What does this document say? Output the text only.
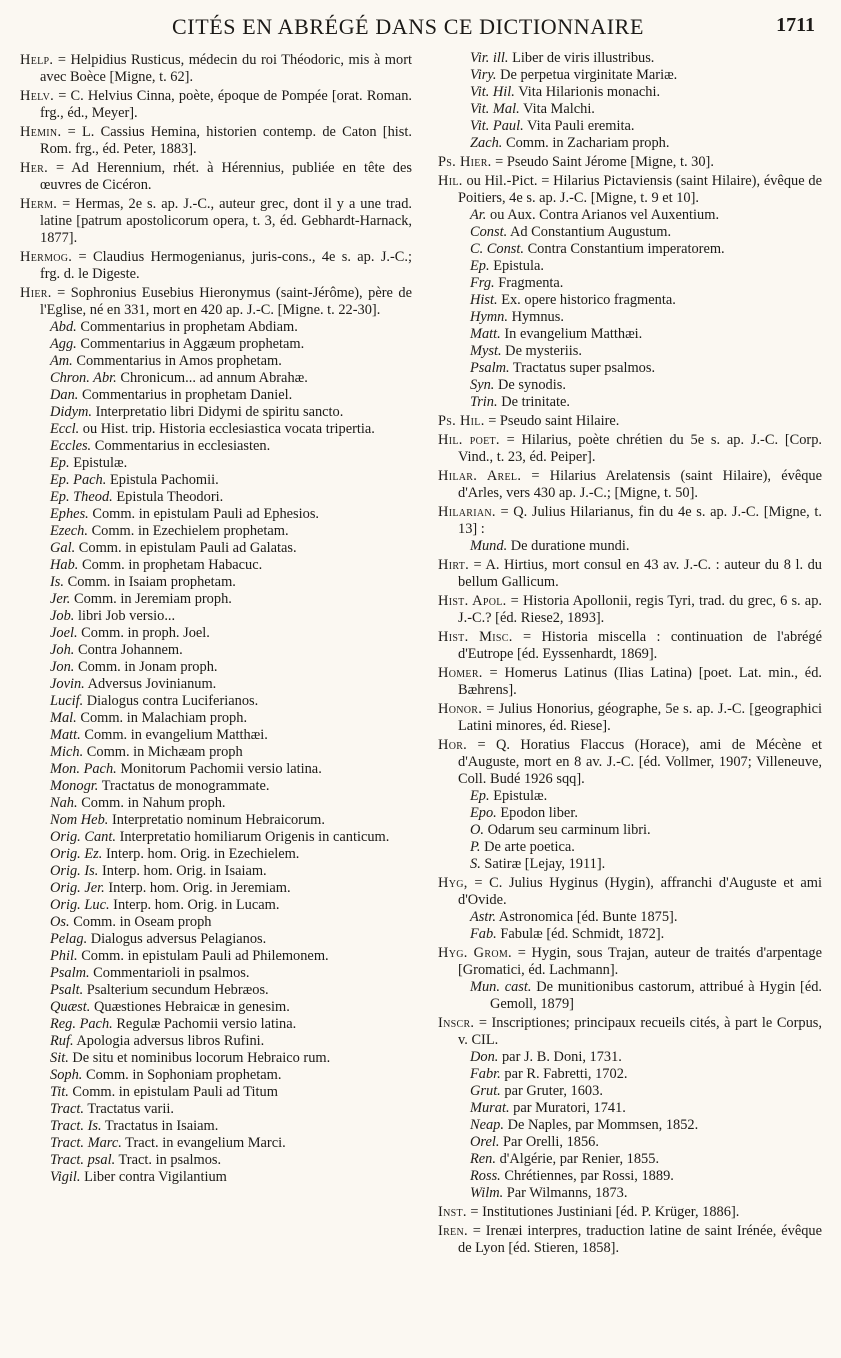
CITÉS EN ABRÉGÉ DANS CE DICTIONNAIRE	1711

Help. = Helpidius Rusticus, médecin du roi Théodoric, mis à mort avec Boèce [Migne, t. 62].

Helv. = C. Helvius Cinna, poète, époque de Pompée [orat. Roman. frg., éd., Meyer].

Hemin. = L. Cassius Hemina, historien contemp. de Caton [hist. Rom. frg., éd. Peter, 1883].

Her. = Ad Herennium, rhét. à Hérennius, publiée en tête des œuvres de Cicéron.

Herm. = Hermas, 2e s. ap. J.-C., auteur grec, dont il y a une trad. latine [patrum apostolicorum opera, t. 3, éd. Gebhardt-Harnack, 1877].

Hermog. = Claudius Hermogenianus, juris-cons., 4e s. ap. J.-C.; frg. d. le Digeste.

Hier. = Sophronius Eusebius Hieronymus (saint-Jérôme), père de l'Eglise, né en 331, mort en 420 ap. J.-C. [Migne. t. 22-30].

Abd. Commentarius in prophetam Abdiam.

Agg. Commentarius in Aggæum prophetam.

Am. Commentarius in Amos prophetam.

Chron. Abr. Chronicum... ad annum Abrahæ.

Dan. Commentarius in prophetam Daniel.

Didym. Interpretatio libri Didymi de spiritu sancto.

Eccl. ou Hist. trip. Historia ecclesiastica vocata tripertia.

Eccles. Commentarius in ecclesiasten.

Ep. Epistulæ.

Ep. Pach. Epistula Pachomii.

Ep. Theod. Epistula Theodori.

Ephes. Comm. in epistulam Pauli ad Ephesios.

Ezech. Comm. in Ezechielem prophetam.

Gal. Comm. in epistulam Pauli ad Galatas.

Hab. Comm. in prophetam Habacuc.

Is. Comm. in Isaiam prophetam.

Jer. Comm. in Jeremiam proph.

Job. libri Job versio...

Joel. Comm. in proph. Joel.

Joh. Contra Johannem.

Jon. Comm. in Jonam proph.

Jovin. Adversus Jovinianum.

Lucif. Dialogus contra Luciferianos.

Mal. Comm. in Malachiam proph.

Matt. Comm. in evangelium Matthæi.

Mich. Comm. in Michæam proph

Mon. Pach. Monitorum Pachomii versio latina.

Monogr. Tractatus de monogrammate.

Nah. Comm. in Nahum proph.

Nom Heb. Interpretatio nominum Hebraicorum.

Orig. Cant. Interpretatio homiliarum Origenis in canticum.

Orig. Ez. Interp. hom. Orig. in Ezechielem.

Orig. Is. Interp. hom. Orig. in Isaiam.

Orig. Jer. Interp. hom. Orig. in Jeremiam.

Orig. Luc. Interp. hom. Orig. in Lucam.

Os. Comm. in Oseam proph

Pelag. Dialogus adversus Pelagianos.

Phil. Comm. in epistulam Pauli ad Philemonem.

Psalm. Commentarioli in psalmos.

Psalt. Psalterium secundum Hebræos.

Quæst. Quæstiones Hebraicæ in genesim.

Reg. Pach. Regulæ Pachomii versio latina.

Ruf. Apologia adversus libros Rufini.

Sit. De situ et nominibus locorum Hebraico rum.

Soph. Comm. in Sophoniam prophetam.

Tit. Comm. in epistulam Pauli ad Titum

Tract. Tractatus varii.

Tract. Is. Tractatus in Isaiam.

Tract. Marc. Tract. in evangelium Marci.

Tract. psal. Tract. in psalmos.

Vigil. Liber contra Vigilantium

Vir. ill. Liber de viris illustribus.

Viry. De perpetua virginitate Mariæ.

Vit. Hil. Vita Hilarionis monachi.

Vit. Mal. Vita Malchi.

Vit. Paul. Vita Pauli eremita.

Zach. Comm. in Zachariam proph.

Ps. Hier. = Pseudo Saint Jérome [Migne, t. 30].

Hil. ou Hil.-Pict. = Hilarius Pictaviensis (saint Hilaire), évêque de Poitiers, 4e s. ap. J.-C. [Migne, t. 9 et 10].

Ar. ou Aux. Contra Arianos vel Auxentium.

Const. Ad Constantium Augustum.

C. Const. Contra Constantium imperatorem.

Ep. Epistula.

Frg. Fragmenta.

Hist. Ex. opere historico fragmenta.

Hymn. Hymnus.

Matt. In evangelium Matthæi.

Myst. De mysteriis.

Psalm. Tractatus super psalmos.

Syn. De synodis.

Trin. De trinitate.

Ps. Hil. = Pseudo saint Hilaire.

Hil. poet. = Hilarius, poète chrétien du 5e s. ap. J.-C. [Corp. Vind., t. 23, éd. Peiper].

Hilar. Arel. = Hilarius Arelatensis (saint Hilaire), évêque d'Arles, vers 430 ap. J.-C.; [Migne, t. 50].

Hilarian. = Q. Julius Hilarianus, fin du 4e s. ap. J.-C. [Migne, t. 13] :

Mund. De duratione mundi.

Hirt. = A. Hirtius, mort consul en 43 av. J.-C. : auteur du 8 l. du bellum Gallicum.

Hist. Apol. = Historia Apollonii, regis Tyri, trad. du grec, 6 s. ap. J.-C.? [éd. Riese2, 1893].

Hist. Misc. = Historia miscella : continuation de l'abrégé d'Eutrope [éd. Eyssenhardt, 1869].

Homer. = Homerus Latinus (Ilias Latina) [poet. Lat. min., éd. Bæhrens].

Honor. = Julius Honorius, géographe, 5e s. ap. J.-C. [geographici Latini minores, éd. Riese].

Hor. = Q. Horatius Flaccus (Horace), ami de Mécène et d'Auguste, mort en 8 av. J.-C. [éd. Vollmer, 1907; Villeneuve, Coll. Budé 1926 sqq].

Ep. Epistulæ.

Epo. Epodon liber.

O. Odarum seu carminum libri.

P. De arte poetica.

S. Satiræ [Lejay, 1911].

Hyg, = C. Julius Hyginus (Hygin), affranchi d'Auguste et ami d'Ovide.

Astr. Astronomica [éd. Bunte 1875].

Fab. Fabulæ [éd. Schmidt, 1872].

Hyg. Grom. = Hygin, sous Trajan, auteur de traités d'arpentage [Gromatici, éd. Lachmann].

Mun. cast. De munitionibus castorum, attribué à Hygin [éd. Gemoll, 1879]

Inscr. = Inscriptiones; principaux recueils cités, à part le Corpus, v. CIL.

Don. par J. B. Doni, 1731.

Fabr. par R. Fabretti, 1702.

Grut. par Gruter, 1603.

Murat. par Muratori, 1741.

Neap. De Naples, par Mommsen, 1852.

Orel. Par Orelli, 1856.

Ren. d'Algérie, par Renier, 1855.

Ross. Chrétiennes, par Rossi, 1889.

Wilm. Par Wilmanns, 1873.

Inst. = Institutiones Justiniani [éd. P. Krüger, 1886].

Iren. = Irenæi interpres, traduction latine de saint Irénée, évêque de Lyon [éd. Stieren, 1858].
